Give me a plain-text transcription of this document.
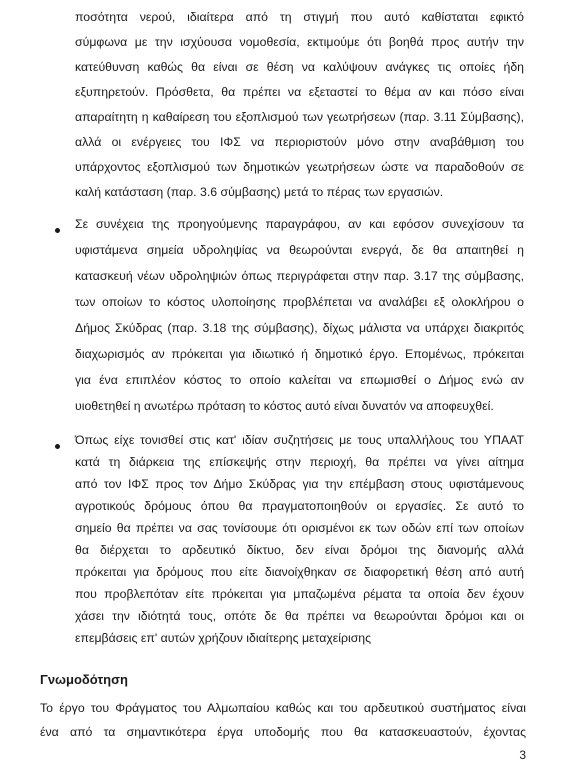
ποσότητα νερού, ιδιαίτερα από τη στιγμή που αυτό καθίσταται εφικτό
σύμφωνα με την ισχύουσα νομοθεσία, εκτιμούμε ότι βοηθά προς αυτήν την
κατεύθυνση καθώς θα είναι σε θέση να καλύψουν ανάγκες τις οποίες ήδη
εξυπηρετούν. Πρόσθετα, θα πρέπει να εξεταστεί το θέμα αν και πόσο είναι
απαραίτητη η καθαίρεση του εξοπλισμού των γεωτρήσεων (παρ. 3.11 Σύμβασης),
αλλά οι ενέργειες του ΙΦΣ να περιοριστούν μόνο στην αναβάθμιση του
υπάρχοντος εξοπλισμού των δημοτικών γεωτρήσεων ώστε να παραδοθούν σε
καλή κατάσταση (παρ. 3.6 σύμβασης) μετά το πέρας των εργασιών.
Σε συνέχεια της προηγούμενης παραγράφου, αν και εφόσον συνεχίσουν τα
υφιστάμενα σημεία υδροληψίας να θεωρούνται ενεργά, δε θα απαιτηθεί η
κατασκευή νέων υδροληψιών όπως περιγράφεται στην παρ. 3.17 της σύμβασης,
των οποίων το κόστος υλοποίησης προβλέπεται να αναλάβει εξ ολοκλήρου ο
Δήμος Σκύδρας (παρ. 3.18 της σύμβασης), δίχως μάλιστα να υπάρχει διακριτός
διαχωρισμός αν πρόκειται για ιδιωτικό ή δημοτικό έργο. Επομένως, πρόκειται
για ένα επιπλέον κόστος το οποίο καλείται να επωμισθεί ο Δήμος ενώ αν
υιοθετηθεί η ανωτέρω πρόταση το κόστος αυτό είναι δυνατόν να αποφευχθεί.
Όπως είχε τονισθεί στις κατ' ιδίαν συζητήσεις με τους υπαλλήλους του ΥΠΑΑΤ
κατά τη διάρκεια της επίσκεψής στην περιοχή, θα πρέπει να γίνει αίτημα
από τον ΙΦΣ προς τον Δήμο Σκύδρας για την επέμβαση στους υφιστάμενους
αγροτικούς δρόμους όπου θα πραγματοποιηθούν οι εργασίες. Σε αυτό το
σημείο θα πρέπει να σας τονίσουμε ότι ορισμένοι εκ των οδών επί των οποίων
θα διέρχεται το αρδευτικό δίκτυο, δεν είναι δρόμοι της διανομής αλλά
πρόκειται για δρόμους που είτε διανοίχθηκαν σε διαφορετική θέση από αυτή
που προβλεπόταν είτε πρόκειται για μπαζωμένα ρέματα τα οποία δεν έχουν
χάσει την ιδιότητά τους, οπότε δε θα πρέπει να θεωρούνται δρόμοι και οι
επεμβάσεις επ' αυτών χρήζουν ιδιαίτερης μεταχείρισης
Γνωμοδότηση
Το έργο του Φράγματος του Αλμωπαίου καθώς και του αρδευτικού συστήματος είναι
ένα από τα σημαντικότερα έργα υποδομής που θα κατασκευαστούν, έχοντας
3
